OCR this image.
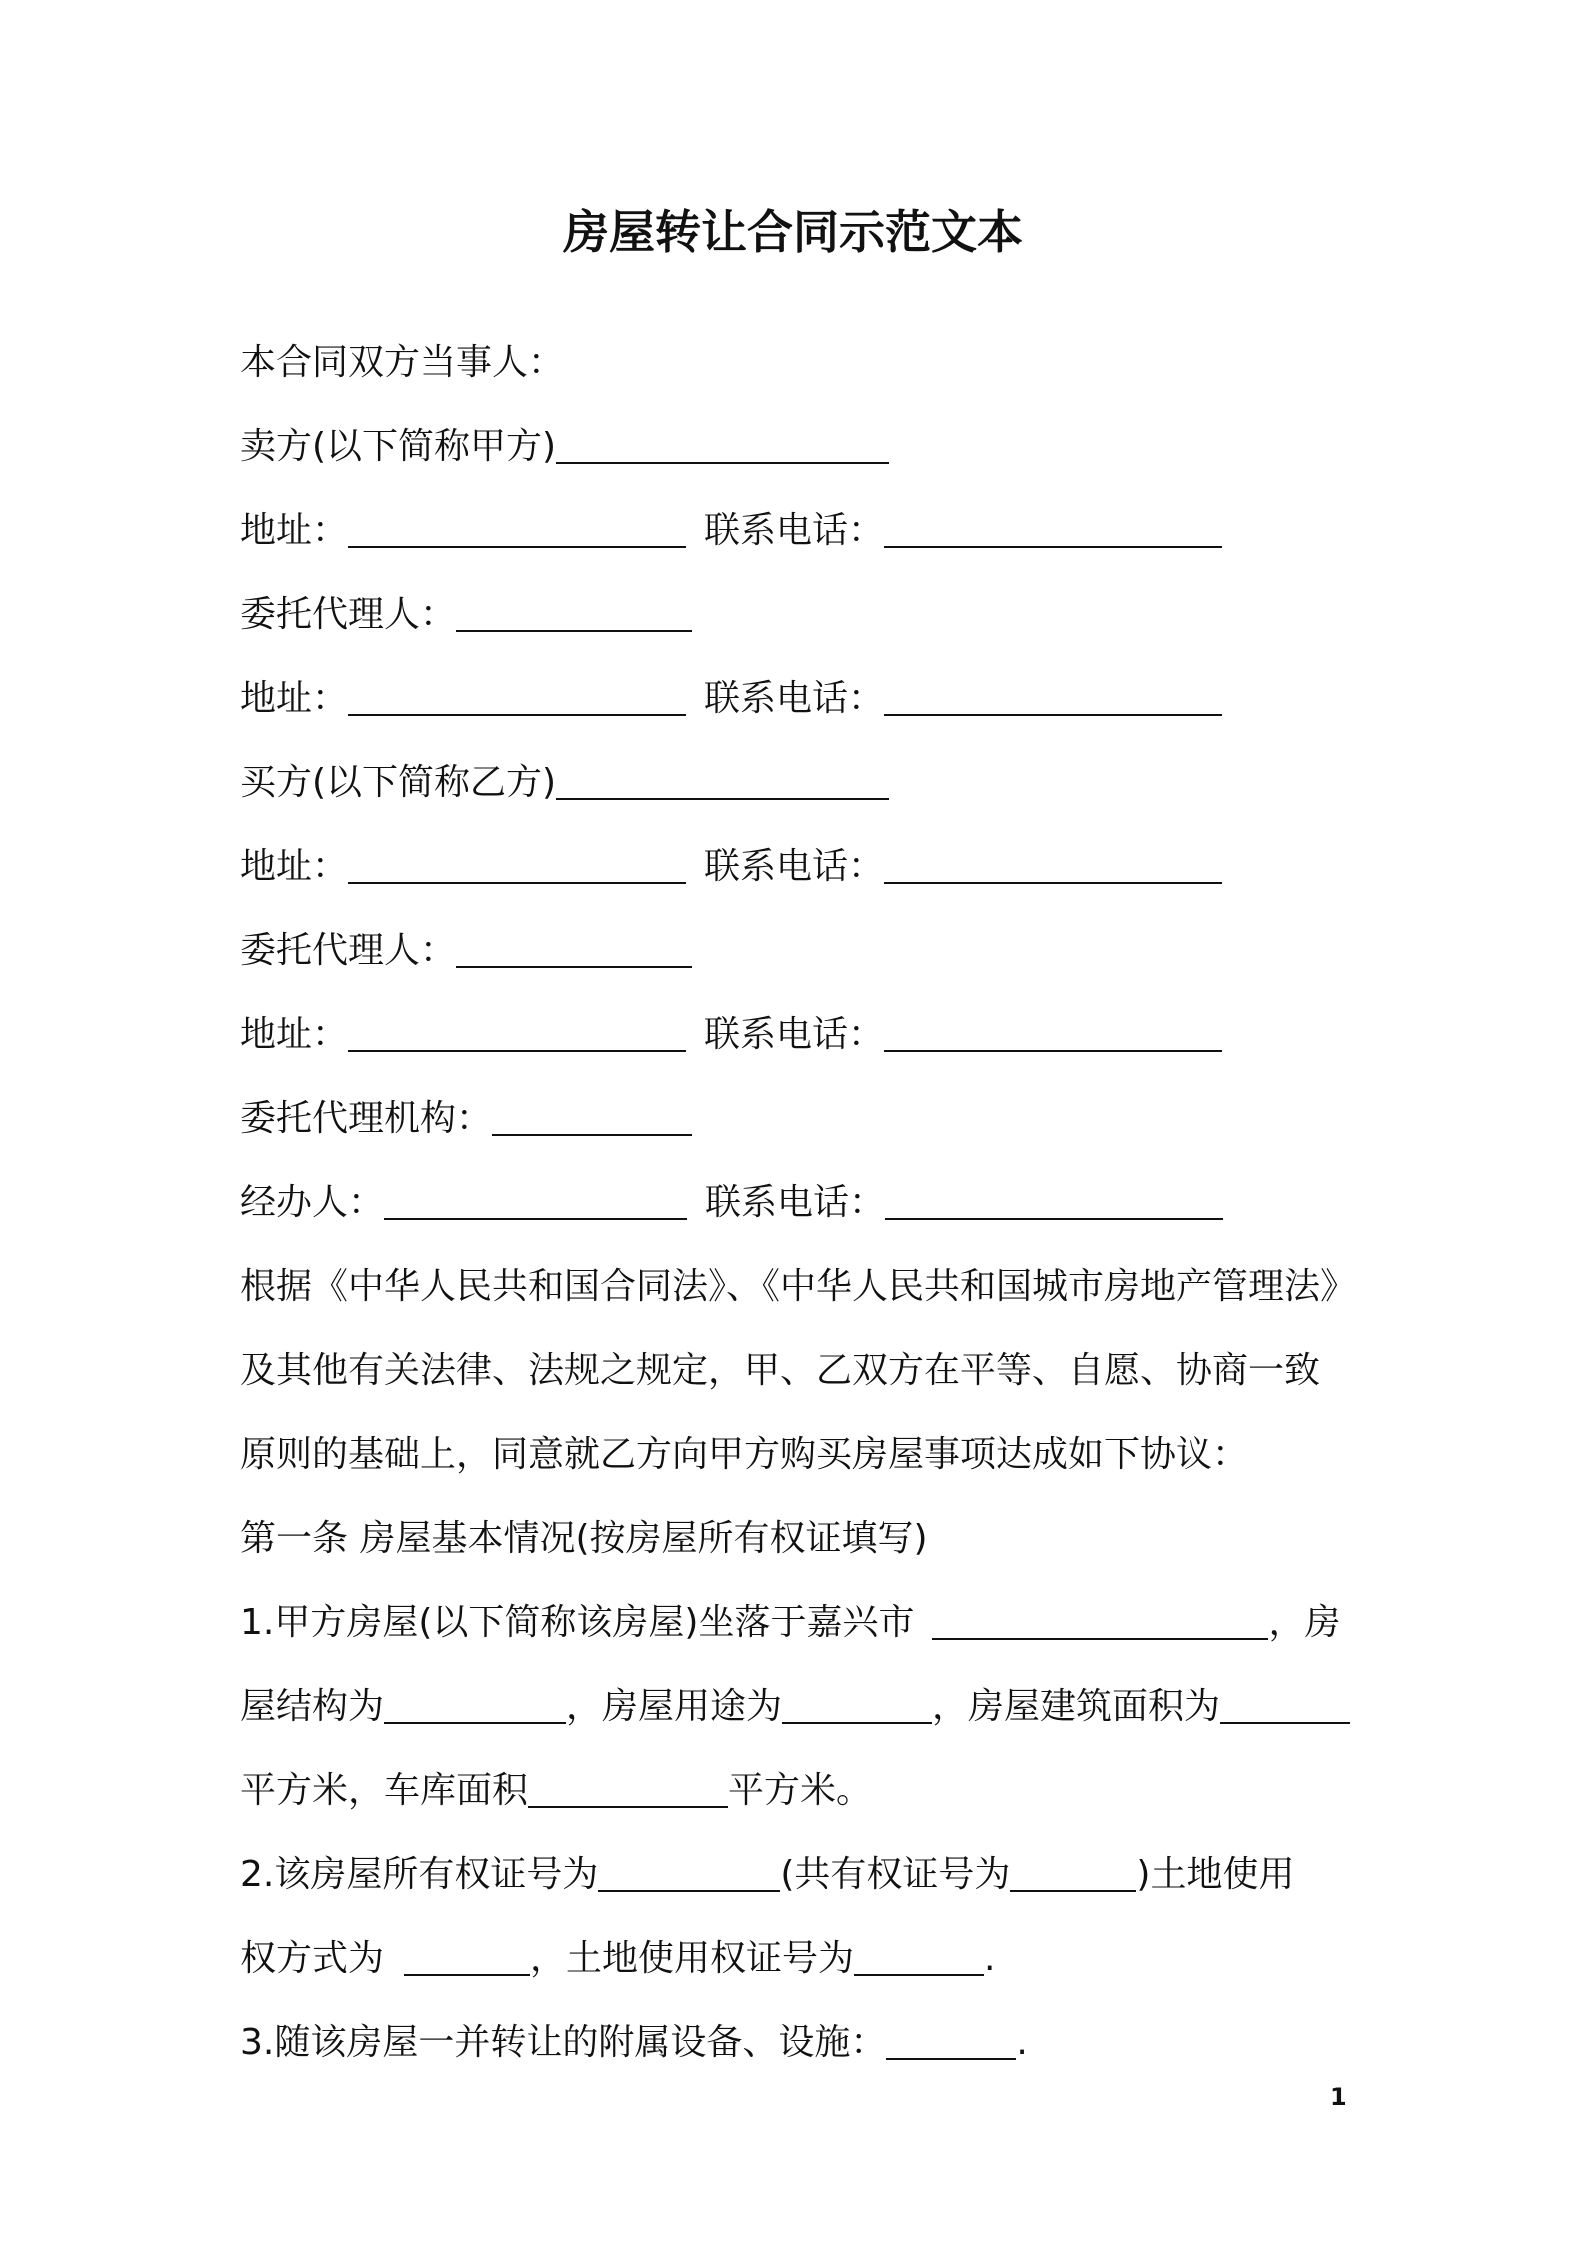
房屋转让合同示范文本
本合同双方当事人：
卖方(以下简称甲方)
地址：	联系电话：
委托代理人：
地址：	联系电话：
买方(以下简称乙方)
地址：	联系电话：
委托代理人：
地址：	联系电话：
委托代理机构：
经办人：	联系电话：
根据《中华人民共和国合同法》、《中华人民共和国城市房地产管理法》
及其他有关法律、法规之规定，甲、乙双方在平等、自愿、协商一致
原则的基础上，同意就乙方向甲方购买房屋事项达成如下协议：
第一条 房屋基本情况(按房屋所有权证填写)
1.甲方房屋(以下简称该房屋)坐落于嘉兴市	，房
屋结构为	，房屋用途为	，房屋建筑面积为
平方米，车库面积	平方米。
2.该房屋所有权证号为	(共有权证号为	)土地使用
权方式为	，土地使用权证号为	.
3.随该房屋一并转让的附属设备、设施：	.
1
